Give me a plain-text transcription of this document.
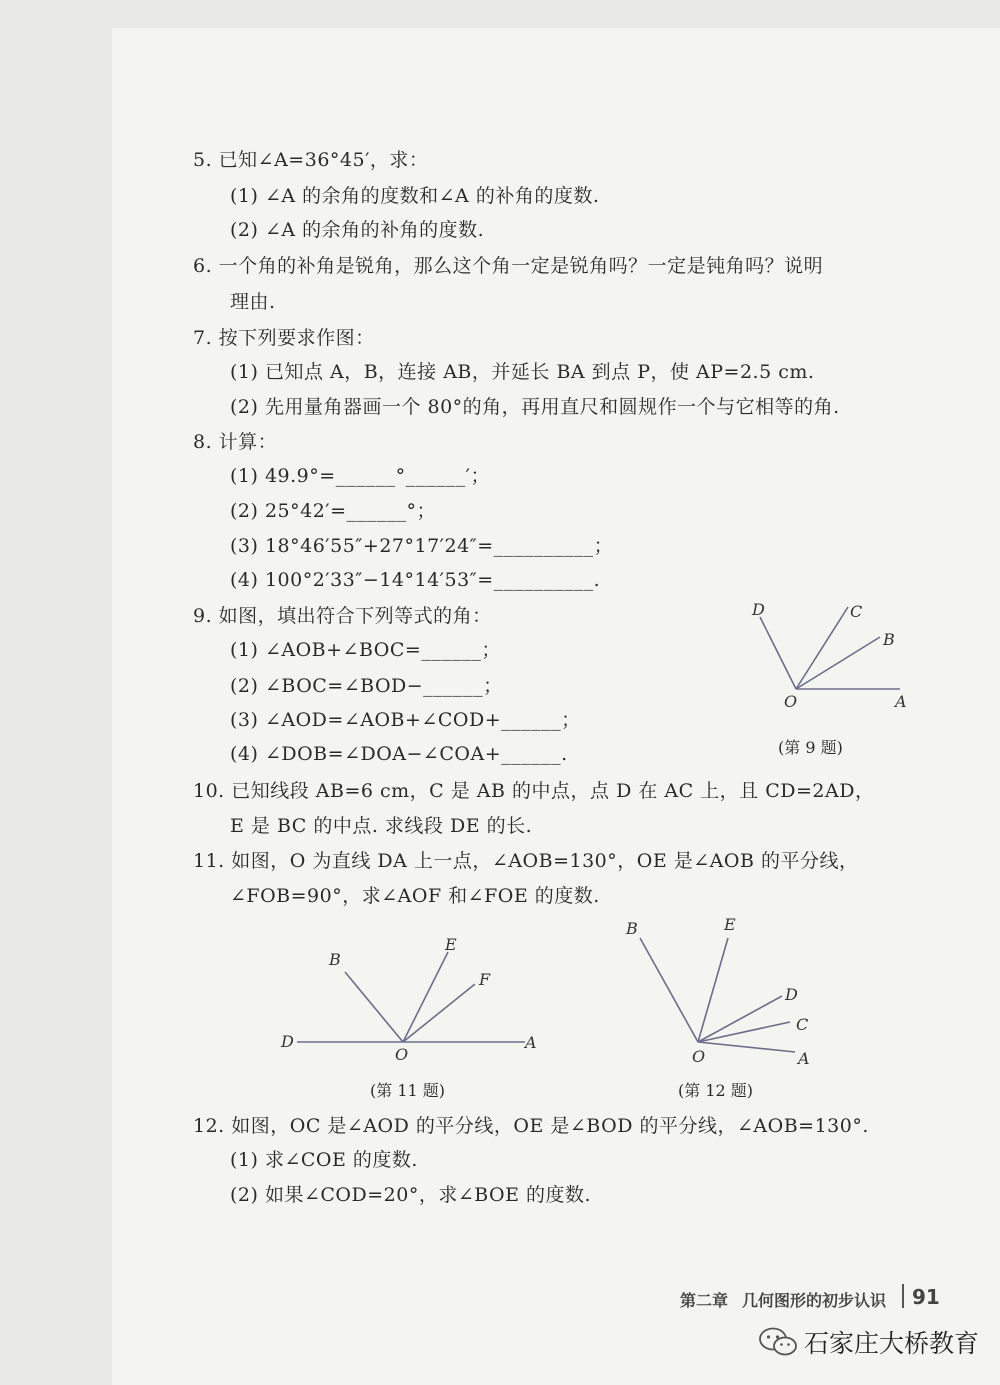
5. 已知∠A=36°45′，求：
(1) ∠A 的余角的度数和∠A 的补角的度数.
(2) ∠A 的余角的补角的度数.
6. 一个角的补角是锐角，那么这个角一定是锐角吗？一定是钝角吗？说明
理由.
7. 按下列要求作图：
(1) 已知点 A，B，连接 AB，并延长 BA 到点 P，使 AP=2.5 cm.
(2) 先用量角器画一个 80°的角，再用直尺和圆规作一个与它相等的角.
8. 计算：
(1) 49.9°=______°______′；
(2) 25°42′=______°；
(3) 18°46′55″+27°17′24″=__________；
(4) 100°2′33″−14°14′53″=__________.
9. 如图，填出符合下列等式的角：
(1) ∠AOB+∠BOC=______；
(2) ∠BOC=∠BOD−______；
(3) ∠AOD=∠AOB+∠COD+______；
(4) ∠DOB=∠DOA−∠COA+______.
10. 已知线段 AB=6 cm，C 是 AB 的中点，点 D 在 AC 上，且 CD=2AD，
E 是 BC 的中点. 求线段 DE 的长.
11. 如图，O 为直线 DA 上一点，∠AOB=130°，OE 是∠AOB 的平分线，
∠FOB=90°，求∠AOF 和∠FOE 的度数.
12. 如图，OC 是∠AOD 的平分线，OE 是∠BOD 的平分线，∠AOB=130°.
(1) 求∠COE 的度数.
(2) 如果∠COD=20°，求∠BOE 的度数.
D	C
B
O	A
(第 9 题)
B
E
F
D
O
A
(第 11 题)
B	E
D
C
O	A
(第 12 题)
第二章 几何图形的初步认识 91
石家庄大桥教育
